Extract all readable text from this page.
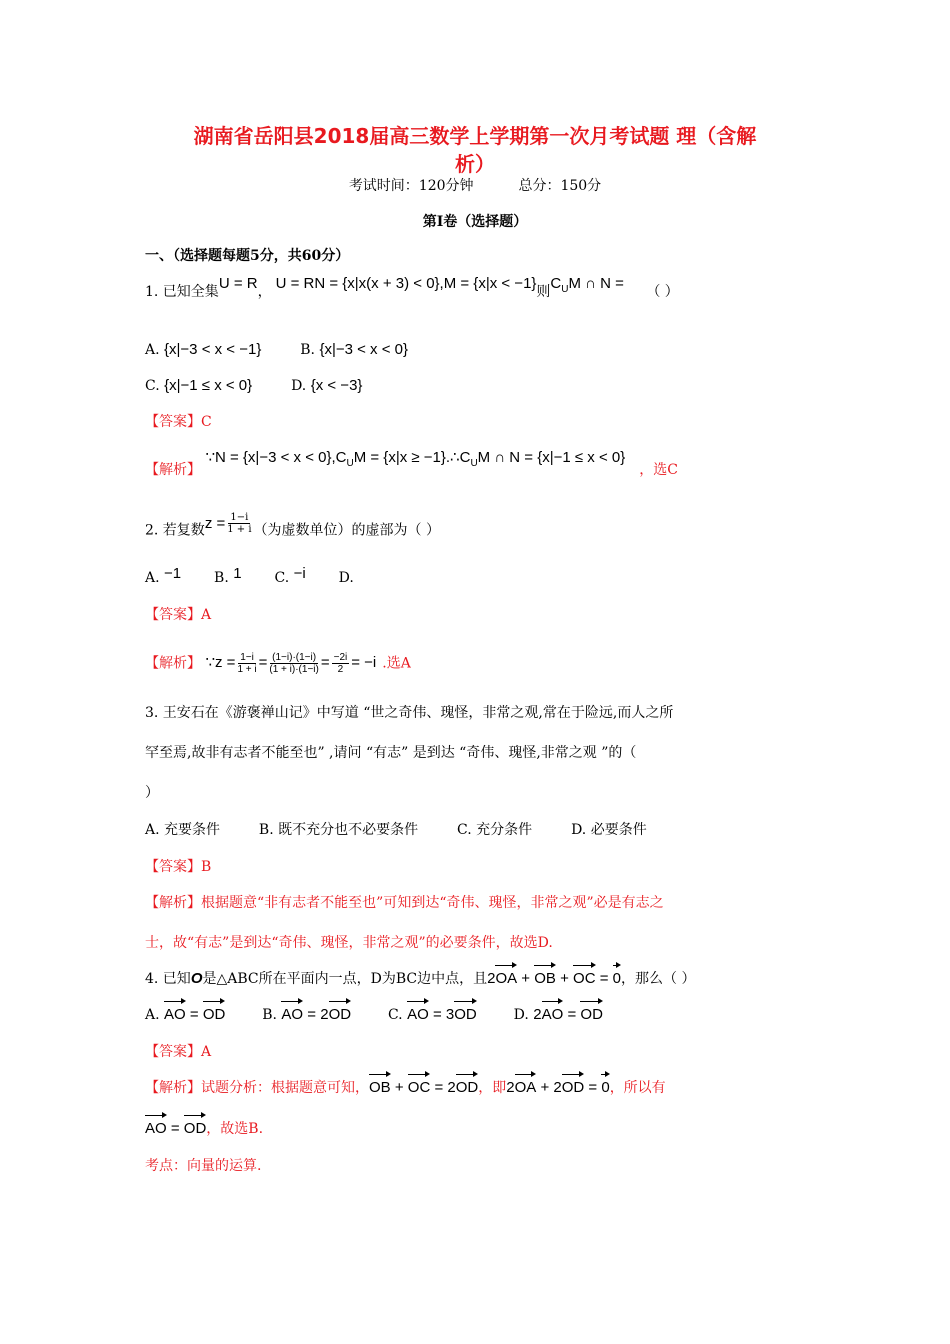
湖南省岳阳县2018届高三数学上学期第一次月考试题 理（含解
析）
考试时间：120分钟	总分：150分
第Ⅰ卷（选择题）
一、（选择题每题5分，共60分）
1. 已知全集U = R， U = RN = {x|x(x + 3) < 0},M = {x|x < −1}则$C_UM$ ∩ N = （ ）
A. {x|−3 < x < −1}	B. {x|−3 < x < 0}
C. {x|−1 ≤ x < 0}	D. {x < −3}
【答案】C
【解析】 ∵N = $\{x|-3 < x < 0\},C_UM = \{x|x$ ≥ $-1\}.\therefore C_UM$ ∩ N = {x|−1 ≤ x < 0}，选C
2. 若复数$z = \frac{1-i}{1 + i}$ （为虚数单位）的虚部为（ ）
A. −1 B. 1 C. −i D.
【答案】A
【解析】 ∵z = $\frac{1-i}{1 + i} = \frac{(1-i)\cdot(1-i)}{(1 + i)\cdot(1-i)} = \frac{-2i}{2} = -i$ .选A
3. 王安石在《游褒禅山记》中写道 “世之奇伟、瑰怪，非常之观,常在于险远,而人之所
罕至焉,故非有志者不能至也” ,请问 “有志” 是到达 “奇伟、瑰怪,非常之观 ”的（
）
A. 充要条件	B. 既不充分也不必要条件	C. 充分条件	D. 必要条件
【答案】B
【解析】根据题意“非有志者不能至也”可知到达“奇伟、瑰怪，非常之观”必是有志之
士，故“有志”是到达“奇伟、瑰怪，非常之观”的必要条件，故选D.
4. 已知O是△ABC所在平面内一点，D为BC边中点，且2OA + OB + OC = 0，那么（ ）
A. AO = OD	B. AO = 2OD	C. AO = 3OD	D. 2AO = OD
【答案】A
【解析】试题分析：根据题意可知，OB + OC = 2OD，即2OA + 2OD = 0，所以有
AO = OD，故选B.
考点：向量的运算.
